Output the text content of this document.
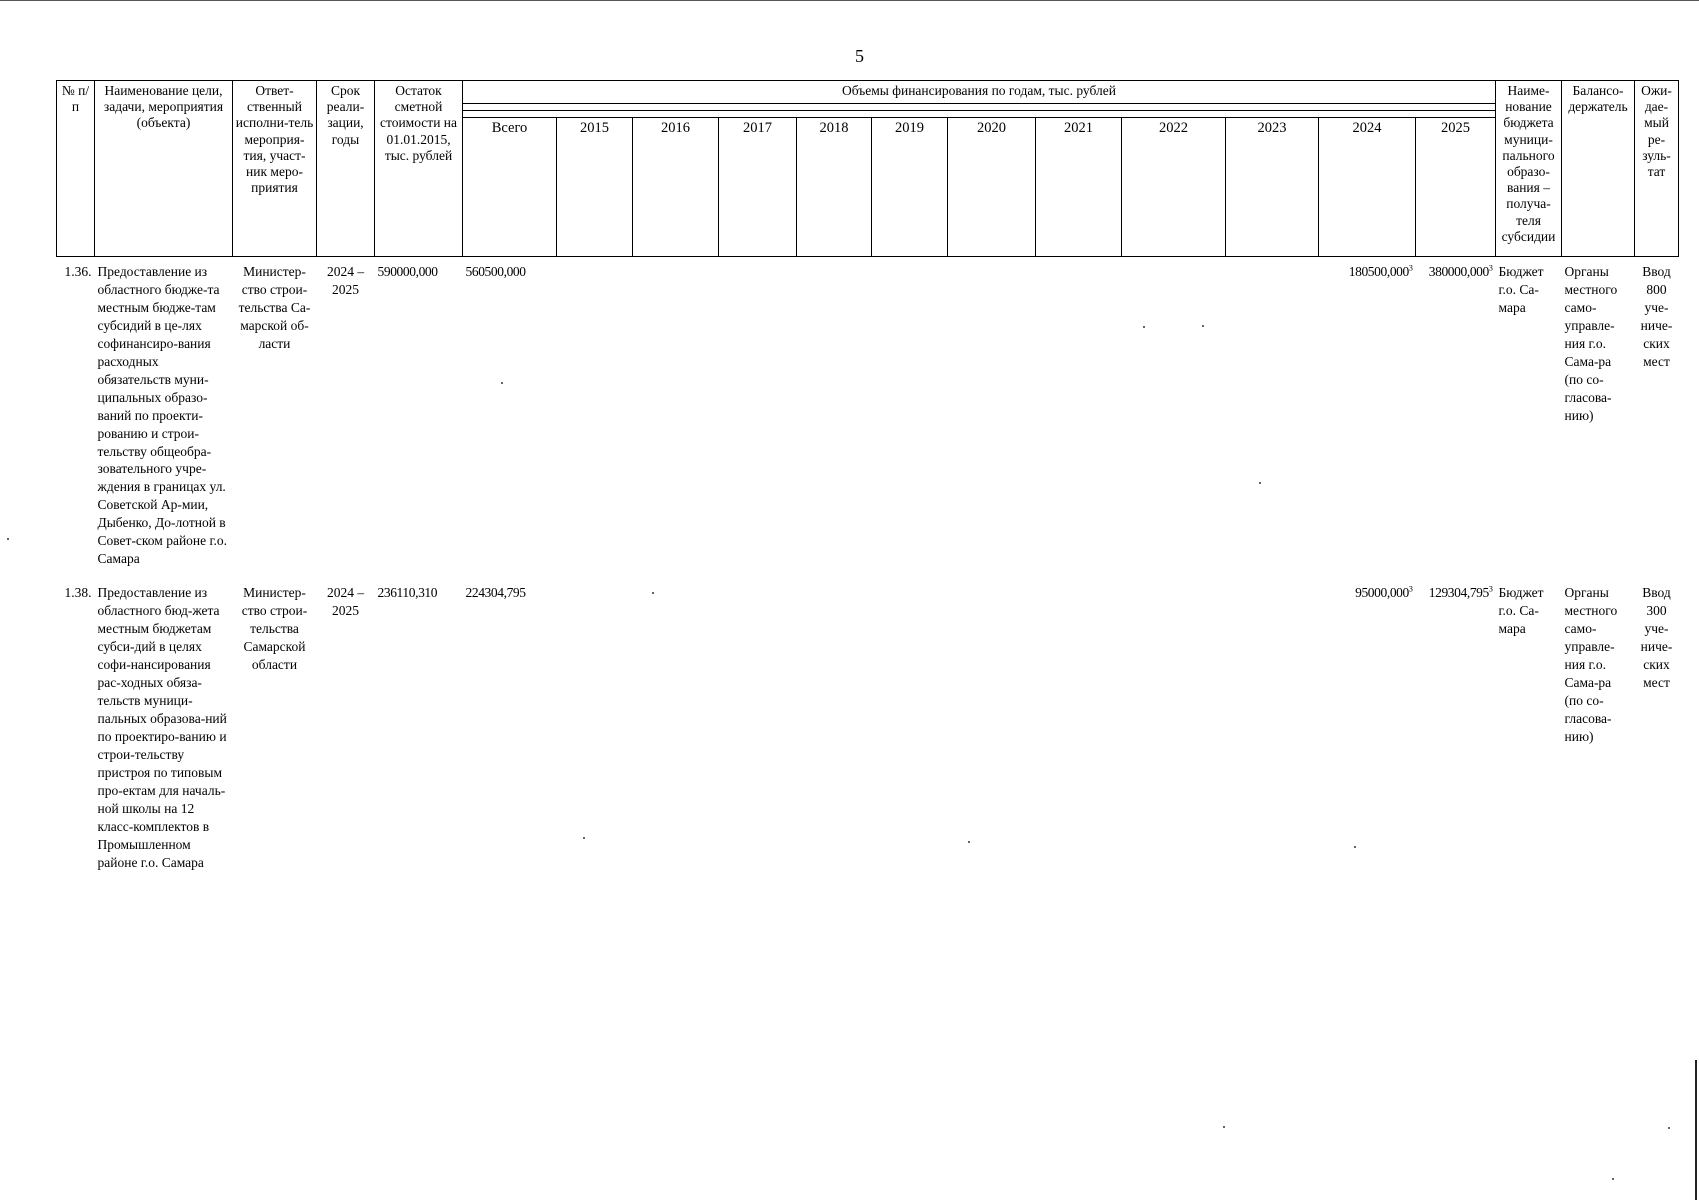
5
№ п/п	Наименование цели, задачи, мероприятия (объекта)	Ответ-ственный исполни-тель мероприя-тия, участ-ник меро-приятия	Срок реали-зации, годы	Остаток сметной стоимости на 01.01.2015, тыс. рублей	Объемы финансирования по годам, тыс. рублей												Наиме-нование бюджета муници-пального образо-вания – получа-теля субсидии	Балансо-держатель	Ожи-дае-мый ре-зуль-тат

					Всего	2015	2016	2017	2018	2019	2020	2021	2022	2023	2024	2025			
1.36.	Предоставление из областного бюдже-та местным бюдже-там субсидий в це-лях софинансиро-вания расходных обязательств муни-ципальных образо-ваний по проекти-рованию и строи-тельству общеобра-зовательного учре-ждения в границах ул. Советской Ар-мии, Дыбенко, До-лотной в Совет-ском районе г.о. Самара	Министер-ство строи-тельства Са-марской об-ласти	2024 – 2025	590000,000	560500,000										180500,000$^3$	380000,000$^3$	Бюджет г.о. Са-мара	Органы местного само-управле-ния г.о. Сама-ра (по со-гласова-нию)	Ввод 800 уче-ниче-ских мест
1.38.	Предоставление из областного бюд-жета местным бюджетам субси-дий в целях софи-нансирования рас-ходных обяза-тельств муници-пальных образова-ний по проектиро-ванию и строи-тельству пристроя по типовым про-ектам для началь-ной школы на 12 класс-комплектов в Промышленном районе г.о. Самара	Министер-ство строи-тельства Самарской области	2024 – 2025	236110,310	224304,795										95000,000$^3$	129304,795$^3$	Бюджет г.о. Са-мара	Органы местного само-управле-ния г.о. Сама-ра (по со-гласова-нию)	Ввод 300 уче-ниче-ских мест
